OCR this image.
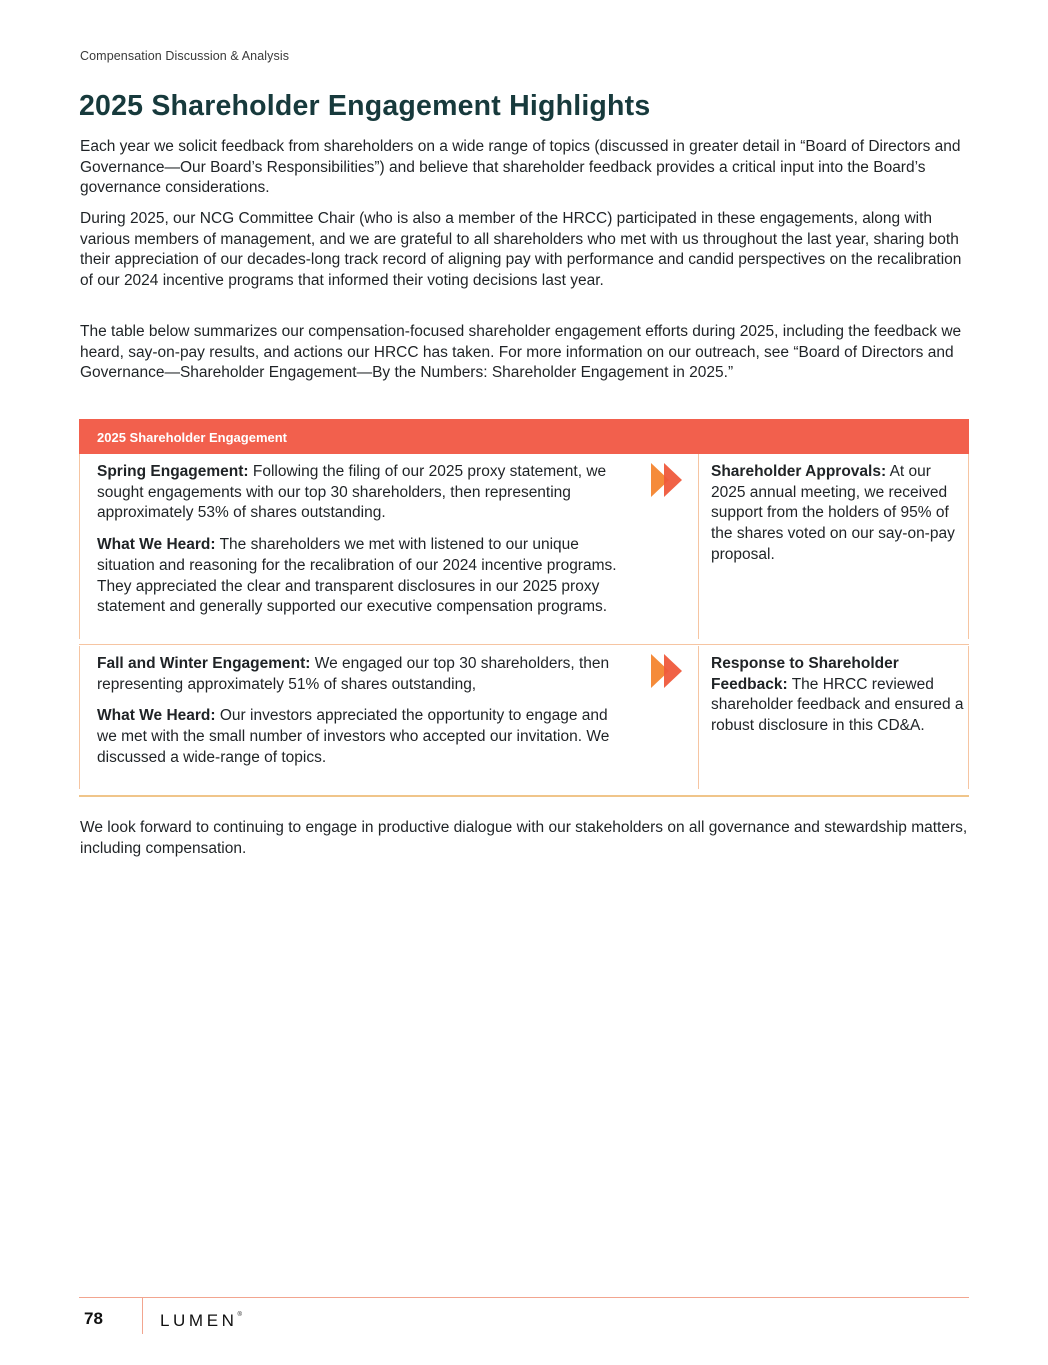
Compensation Discussion & Analysis
2025 Shareholder Engagement Highlights

Each year we solicit feedback from shareholders on a wide range of topics (discussed in greater detail in “Board of Directors and Governance—Our Board’s Responsibilities”) and believe that shareholder feedback provides a critical input into the Board’s governance considerations.

During 2025, our NCG Committee Chair (who is also a member of the HRCC) participated in these engagements, along with various members of management, and we are grateful to all shareholders who met with us throughout the last year, sharing both their appreciation of our decades-long track record of aligning pay with performance and candid perspectives on the recalibration of our 2024 incentive programs that informed their voting decisions last year.

The table below summarizes our compensation-focused shareholder engagement efforts during 2025, including the feedback we heard, say-on-pay results, and actions our HRCC has taken. For more information on our outreach, see “Board of Directors and Governance—Shareholder Engagement—By the Numbers: Shareholder Engagement in 2025.”

2025 Shareholder Engagement

Spring Engagement: Following the filing of our 2025 proxy statement, we sought engagements with our top 30 shareholders, then representing approximately 53% of shares outstanding.

What We Heard: The shareholders we met with listened to our unique situation and reasoning for the recalibration of our 2024 incentive programs. They appreciated the clear and transparent disclosures in our 2025 proxy statement and generally supported our executive compensation programs.

Shareholder Approvals: At our 2025 annual meeting, we received support from the holders of 95% of the shares voted on our say-on-pay proposal.

Fall and Winter Engagement: We engaged our top 30 shareholders, then representing approximately 51% of shares outstanding,

What We Heard: Our investors appreciated the opportunity to engage and we met with the small number of investors who accepted our invitation. We discussed a wide-range of topics.

Response to Shareholder Feedback: The HRCC reviewed shareholder feedback and ensured a robust disclosure in this CD&A.

We look forward to continuing to engage in productive dialogue with our stakeholders on all governance and stewardship matters, including compensation.

78	LUMEN®
